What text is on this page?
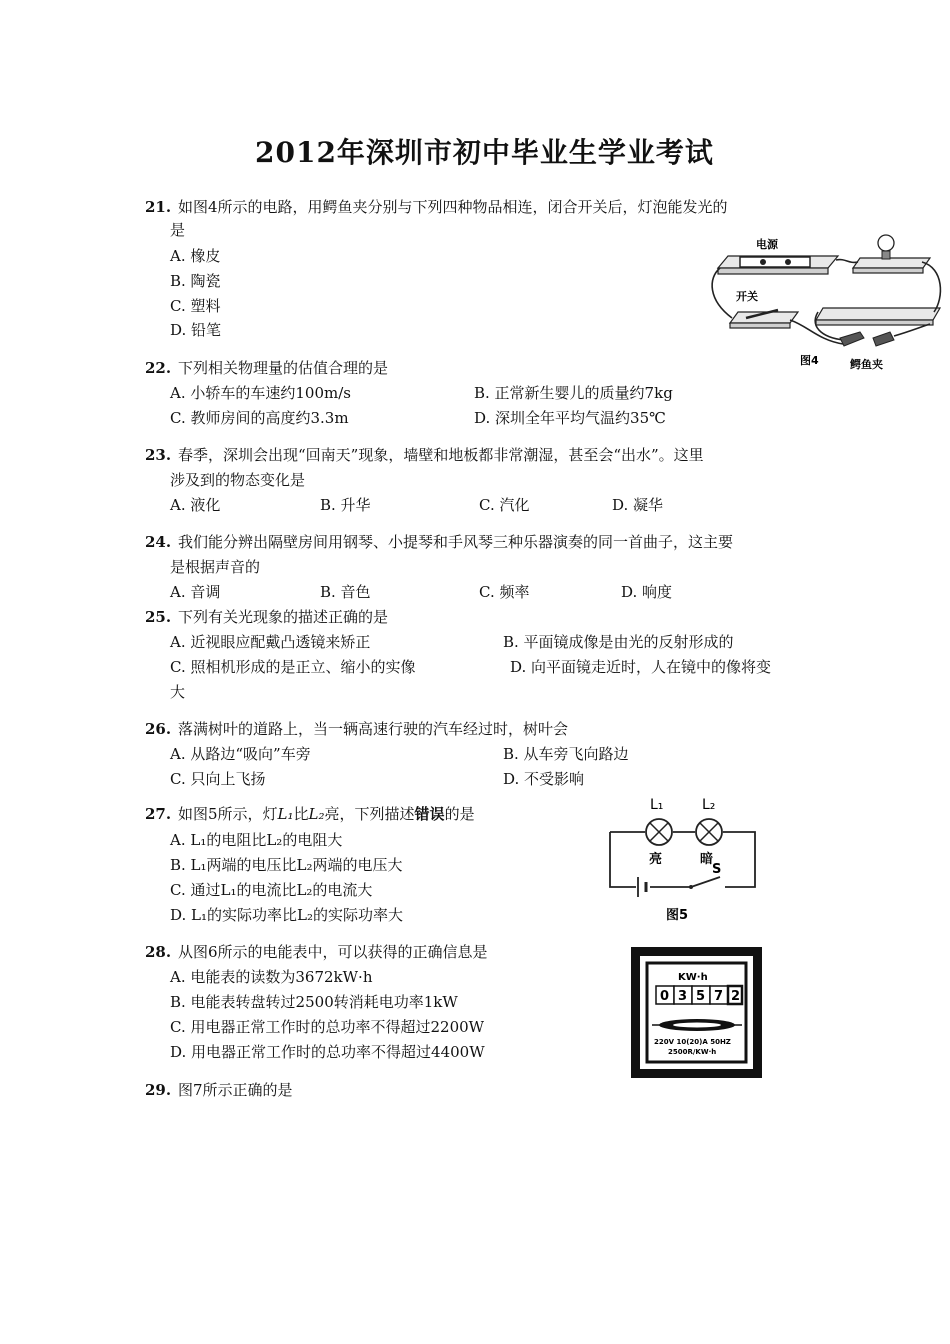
2012年深圳市初中毕业生学业考试
21. 如图4所示的电路，用鳄鱼夹分别与下列四种物品相连，闭合开关后，灯泡能发光的
是
A. 橡皮
B. 陶瓷
C. 塑料
D. 铅笔
电源
开关
图4	鳄鱼夹
22. 下列相关物理量的估值合理的是
A. 小轿车的车速约100m/s	B. 正常新生婴儿的质量约7kg
C. 教师房间的高度约3.3m	D. 深圳全年平均气温约35℃
23. 春季，深圳会出现“回南天”现象，墙壁和地板都非常潮湿，甚至会“出水”。这里
涉及到的物态变化是
A. 液化	B. 升华	C. 汽化	D. 凝华
24. 我们能分辨出隔壁房间用钢琴、小提琴和手风琴三种乐器演奏的同一首曲子，这主要
是根据声音的
A. 音调	B. 音色	C. 频率	D. 响度
25. 下列有关光现象的描述正确的是
A. 近视眼应配戴凸透镜来矫正	B. 平面镜成像是由光的反射形成的
C. 照相机形成的是正立、缩小的实像	D. 向平面镜走近时，人在镜中的像将变
大
26. 落满树叶的道路上，当一辆高速行驶的汽车经过时，树叶会
A. 从路边“吸向”车旁	B. 从车旁飞向路边
C. 只向上飞扬	D. 不受影响
27. 如图5所示，灯L₁比L₂亮，下列描述错误的是
A. L₁的电阻比L₂的电阻大
B. L₁两端的电压比L₂两端的电压大
C. 通过L₁的电流比L₂的电流大
D. L₁的实际功率比L₂的实际功率大
L₁	L₂
亮	暗
S
图5
28. 从图6所示的电能表中，可以获得的正确信息是
A. 电能表的读数为3672kW·h
B. 电能表转盘转过2500转消耗电功率1kW
C. 用电器正常工作时的总功率不得超过2200W
D. 用电器正常工作时的总功率不得超过4400W
KW·h
0 3 5 7 2
220V 10(20)A 50HZ
2500R/KW·h
29. 图7所示正确的是
